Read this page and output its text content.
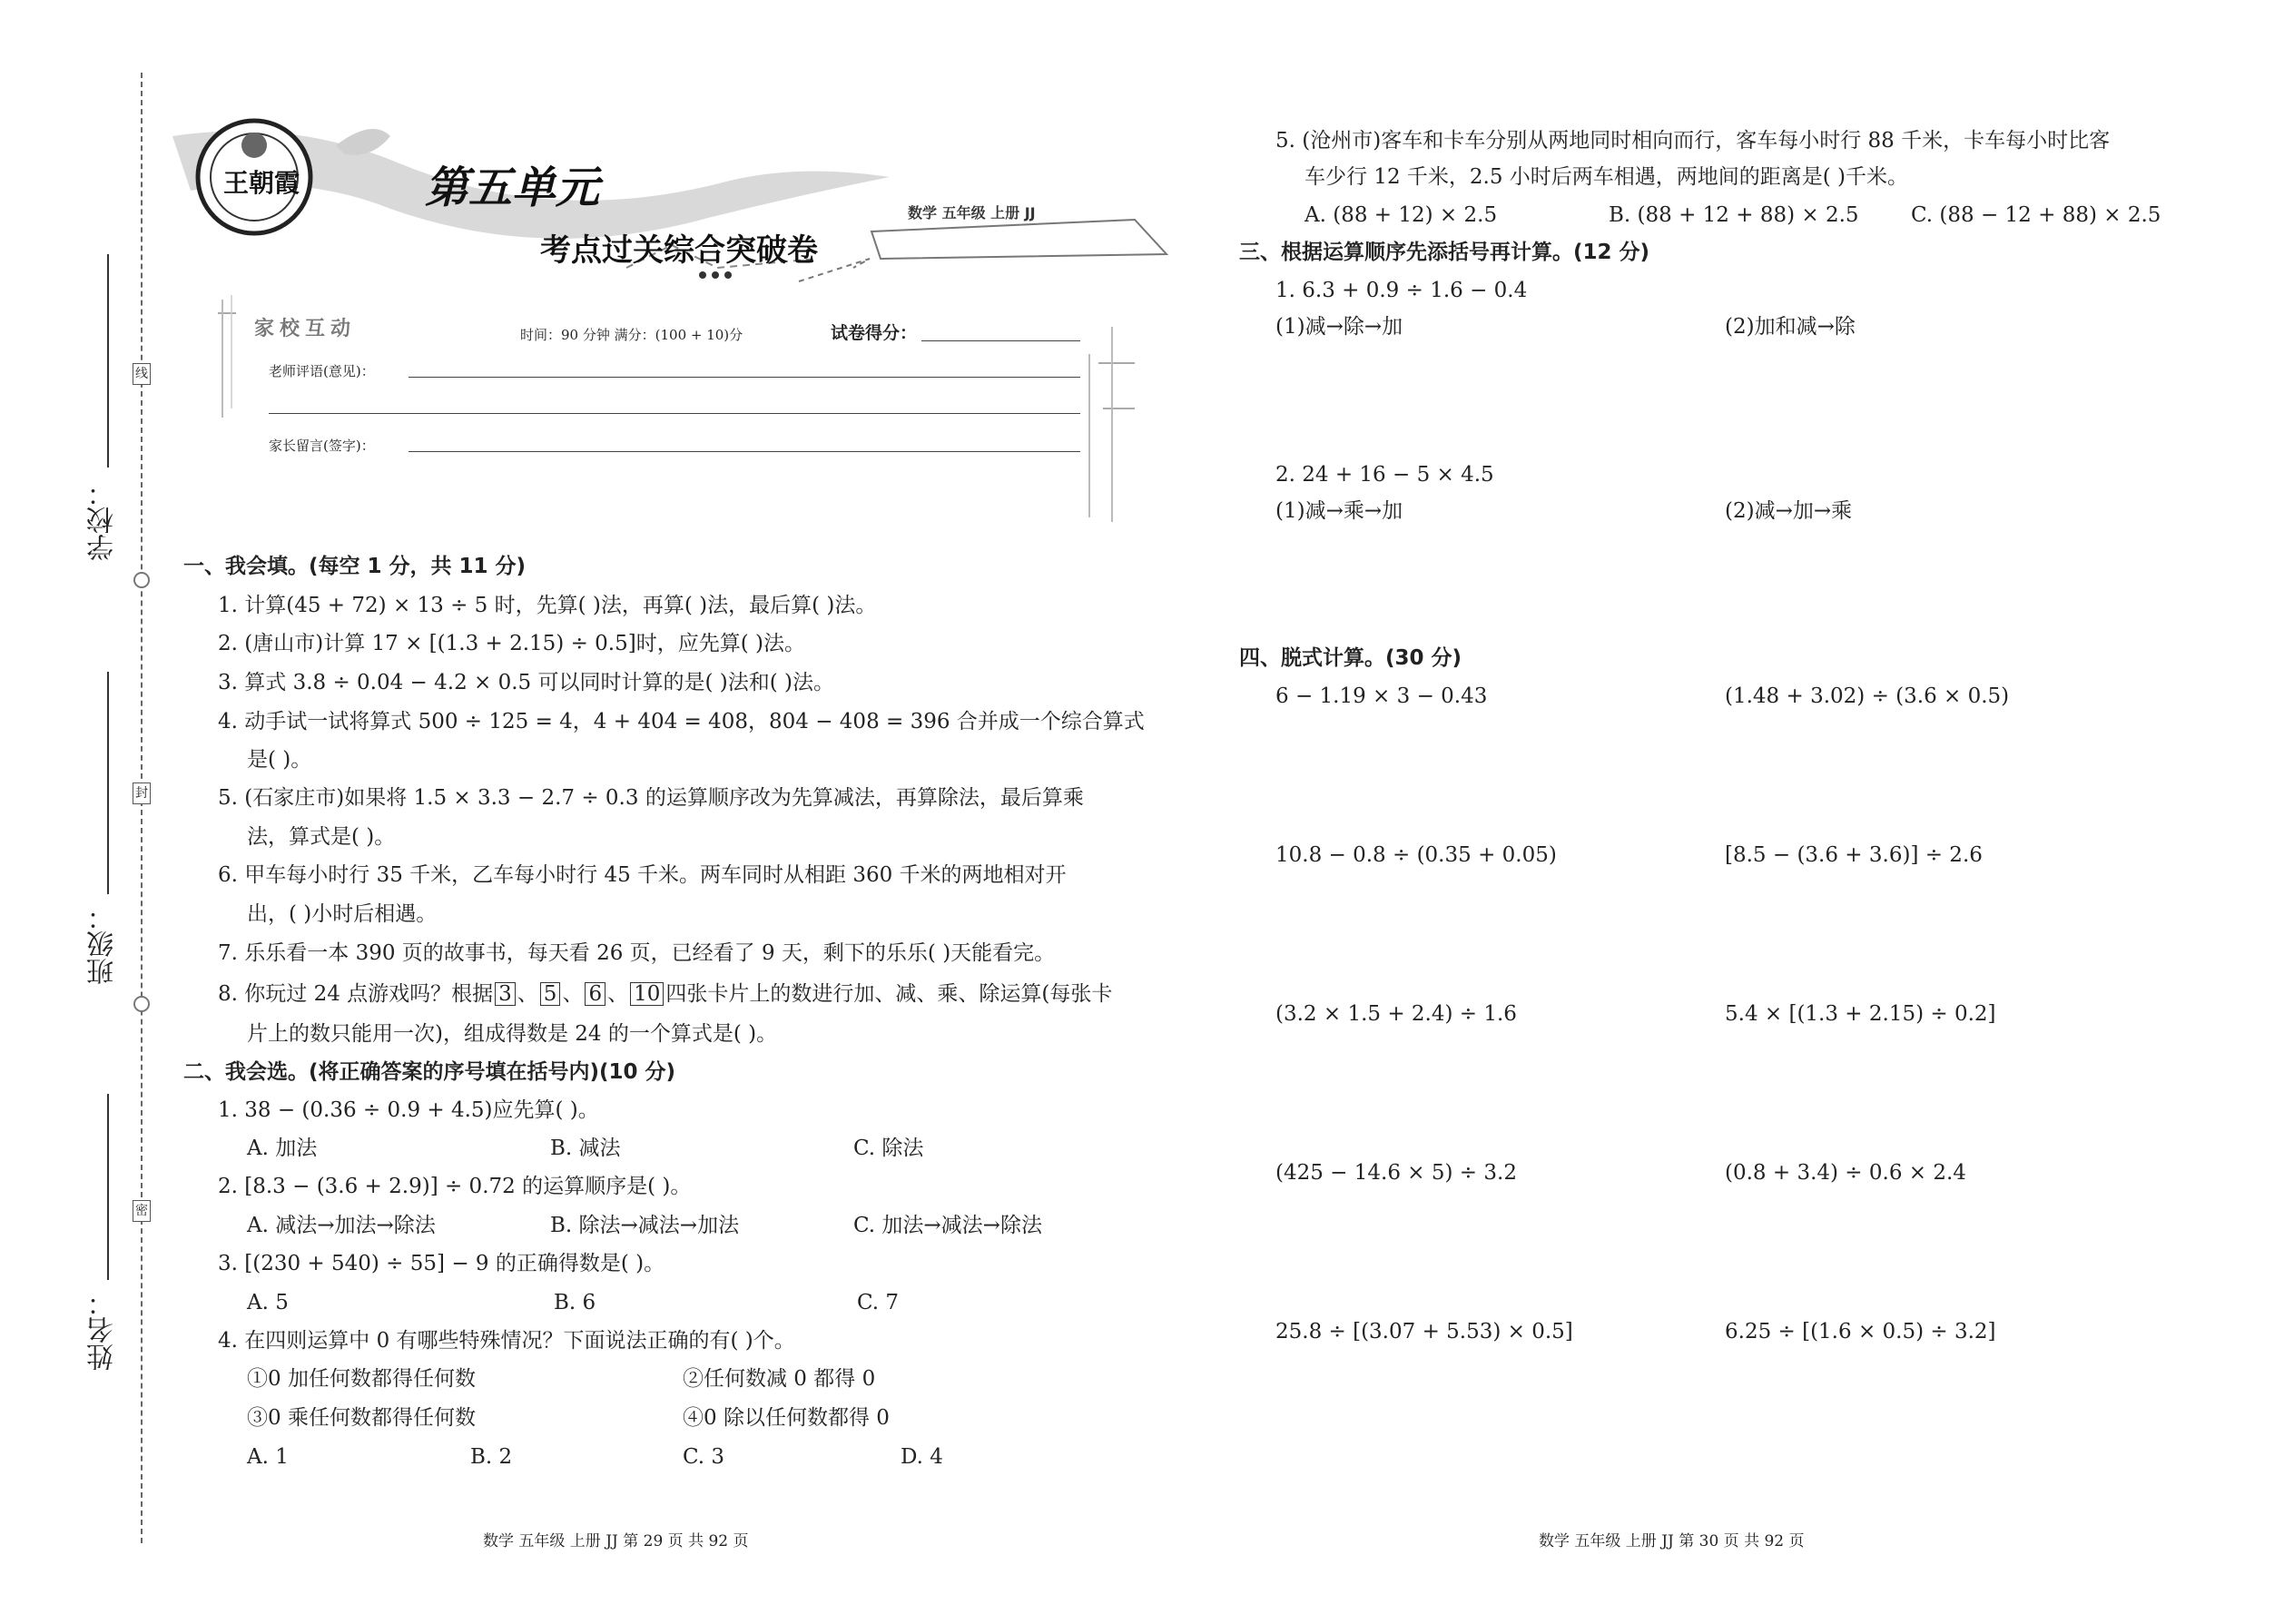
学校：
班级：
姓名：
线
封
密
王朝霞	第五单元
考点过关综合突破卷
数学 五年级 上册 JJ
家校互动	时间：90 分钟 满分：(100 + 10)分	试卷得分：
老师评语(意见)：
家长留言(签字)：
一、我会填。(每空 1 分，共 11 分)
1. 计算(45 + 72) × 13 ÷ 5 时，先算( )法，再算( )法，最后算( )法。
2. (唐山市)计算 17 × [(1.3 + 2.15) ÷ 0.5]时，应先算( )法。
3. 算式 3.8 ÷ 0.04 − 4.2 × 0.5 可以同时计算的是( )法和( )法。
4. 动手试一试将算式 500 ÷ 125 = 4，4 + 404 = 408，804 − 408 = 396 合并成一个综合算式
是( )。
5. (石家庄市)如果将 1.5 × 3.3 − 2.7 ÷ 0.3 的运算顺序改为先算减法，再算除法，最后算乘
法，算式是( )。
6. 甲车每小时行 35 千米，乙车每小时行 45 千米。两车同时从相距 360 千米的两地相对开
出，( )小时后相遇。
7. 乐乐看一本 390 页的故事书，每天看 26 页，已经看了 9 天，剩下的乐乐( )天能看完。
8. 你玩过 24 点游戏吗？根据 3 、 5 、 6 、 10 四张卡片上的数进行加、减、乘、除运算(每张卡
片上的数只能用一次)，组成得数是 24 的一个算式是( )。
二、我会选。(将正确答案的序号填在括号内)(10 分)
1. 38 − (0.36 ÷ 0.9 + 4.5)应先算( )。
A. 加法	B. 减法	C. 除法
2. [8.3 − (3.6 + 2.9)] ÷ 0.72 的运算顺序是( )。
A. 减法→加法→除法	B. 除法→减法→加法	C. 加法→减法→除法
3. [(230 + 540) ÷ 55] − 9 的正确得数是( )。
A. 5	B. 6	C. 7
4. 在四则运算中 0 有哪些特殊情况？下面说法正确的有( )个。
①0 加任何数都得任何数	②任何数减 0 都得 0
③0 乘任何数都得任何数	④0 除以任何数都得 0
A. 1	B. 2	C. 3	D. 4
数学 五年级 上册 JJ 第 29 页 共 92 页
5. (沧州市)客车和卡车分别从两地同时相向而行，客车每小时行 88 千米，卡车每小时比客
车少行 12 千米，2.5 小时后两车相遇，两地间的距离是( )千米。
A. (88 + 12) × 2.5	B. (88 + 12 + 88) × 2.5 C. (88 − 12 + 88) × 2.5
三、根据运算顺序先添括号再计算。(12 分)
1. 6.3 + 0.9 ÷ 1.6 − 0.4
(1)减→除→加	(2)加和减→除
2. 24 + 16 − 5 × 4.5
(1)减→乘→加	(2)减→加→乘
四、脱式计算。(30 分)
6 − 1.19 × 3 − 0.43	(1.48 + 3.02) ÷ (3.6 × 0.5)
10.8 − 0.8 ÷ (0.35 + 0.05)	[8.5 − (3.6 + 3.6)] ÷ 2.6
(3.2 × 1.5 + 2.4) ÷ 1.6	5.4 × [(1.3 + 2.15) ÷ 0.2]
(425 − 14.6 × 5) ÷ 3.2	(0.8 + 3.4) ÷ 0.6 × 2.4
25.8 ÷ [(3.07 + 5.53) × 0.5]	6.25 ÷ [(1.6 × 0.5) ÷ 3.2]
数学 五年级 上册 JJ 第 30 页 共 92 页
